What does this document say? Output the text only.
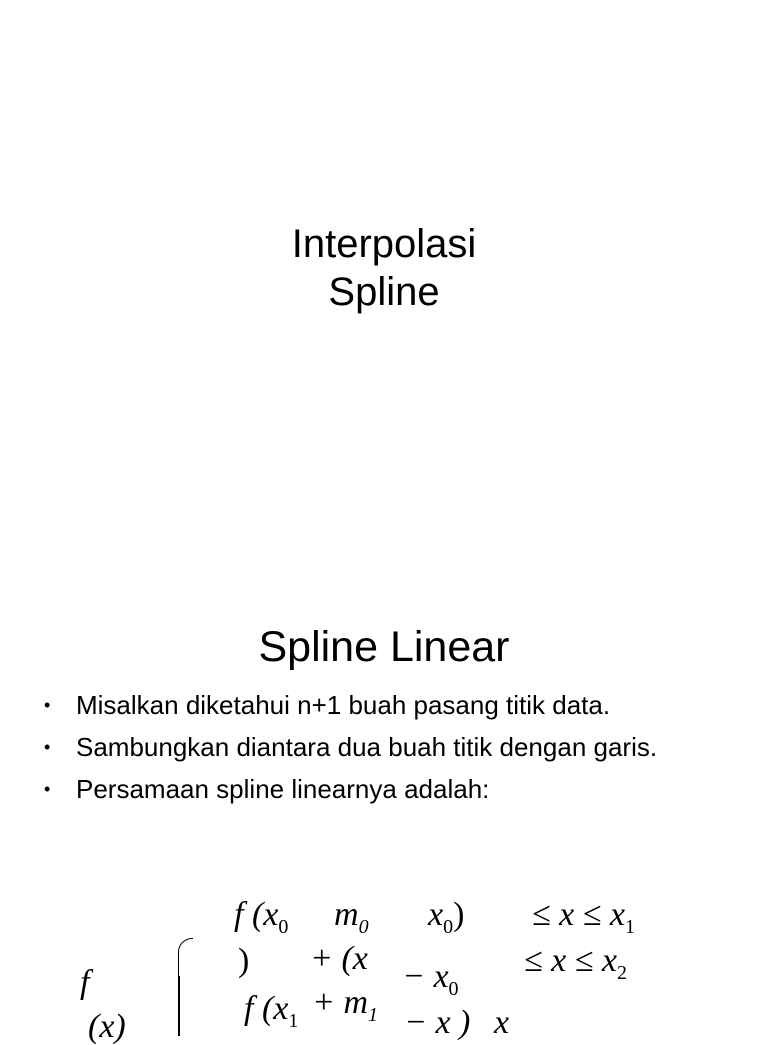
Interpolasi
Spline
Spline Linear
• Misalkan diketahui n+1 buah pasang titik data.
• Sambungkan diantara dua buah titik dengan garis.
• Persamaan spline linearnya adalah:
f
(x)
f ($x_0$ $m_0$ $x_0) \le x \le x_1$
) + ($x - x_0$
≤ $x \le x_2$
f ($x_1 + m_1 - x$ ) x
